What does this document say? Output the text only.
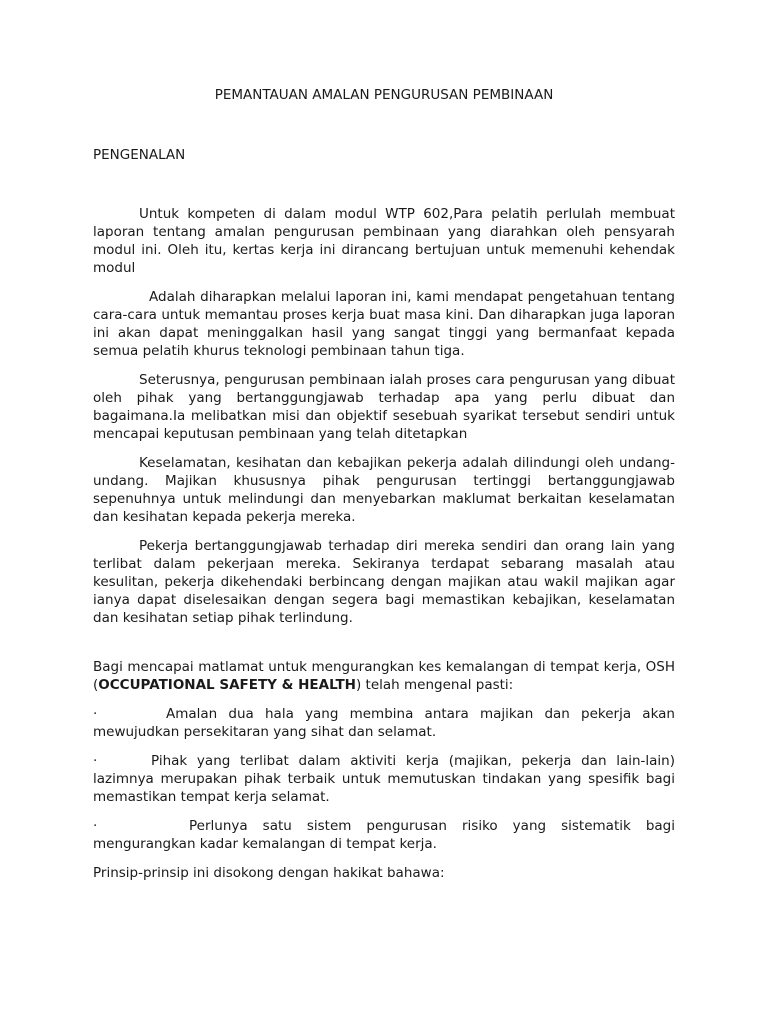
PEMANTAUAN AMALAN PENGURUSAN PEMBINAAN
PENGENALAN

Untuk kompeten di dalam modul WTP 602,Para pelatih perlulah membuat laporan tentang amalan pengurusan pembinaan yang diarahkan oleh pensyarah modul ini. Oleh itu, kertas kerja ini dirancang bertujuan untuk memenuhi kehendak modul

Adalah diharapkan melalui laporan ini, kami mendapat pengetahuan tentang cara-cara untuk memantau proses kerja buat masa kini. Dan diharapkan juga laporan ini akan dapat meninggalkan hasil yang sangat tinggi yang bermanfaat kepada semua pelatih khurus teknologi pembinaan tahun tiga.

Seterusnya, pengurusan pembinaan ialah proses cara pengurusan yang dibuat oleh pihak yang bertanggungjawab terhadap apa yang perlu dibuat dan bagaimana.Ia melibatkan misi dan objektif sesebuah syarikat tersebut sendiri untuk mencapai keputusan pembinaan yang telah ditetapkan

Keselamatan, kesihatan dan kebajikan pekerja adalah dilindungi oleh undang-undang. Majikan khususnya pihak pengurusan tertinggi bertanggungjawab sepenuhnya untuk melindungi dan menyebarkan maklumat berkaitan keselamatan dan kesihatan kepada pekerja mereka.

Pekerja bertanggungjawab terhadap diri mereka sendiri dan orang lain yang terlibat dalam pekerjaan mereka. Sekiranya terdapat sebarang masalah atau kesulitan, pekerja dikehendaki berbincang dengan majikan atau wakil majikan agar ianya dapat diselesaikan dengan segera bagi memastikan kebajikan, keselamatan dan kesihatan setiap pihak terlindung.

Bagi mencapai matlamat untuk mengurangkan kes kemalangan di tempat kerja, OSH (OCCUPATIONAL SAFETY & HEALTH) telah mengenal pasti:

·	Amalan dua hala yang membina antara majikan dan pekerja akan mewujudkan persekitaran yang sihat dan selamat.

·	Pihak yang terlibat dalam aktiviti kerja (majikan, pekerja dan lain-lain) lazimnya merupakan pihak terbaik untuk memutuskan tindakan yang spesifik bagi memastikan tempat kerja selamat.

·	Perlunya satu sistem pengurusan risiko yang sistematik bagi mengurangkan kadar kemalangan di tempat kerja.

Prinsip-prinsip ini disokong dengan hakikat bahawa:
